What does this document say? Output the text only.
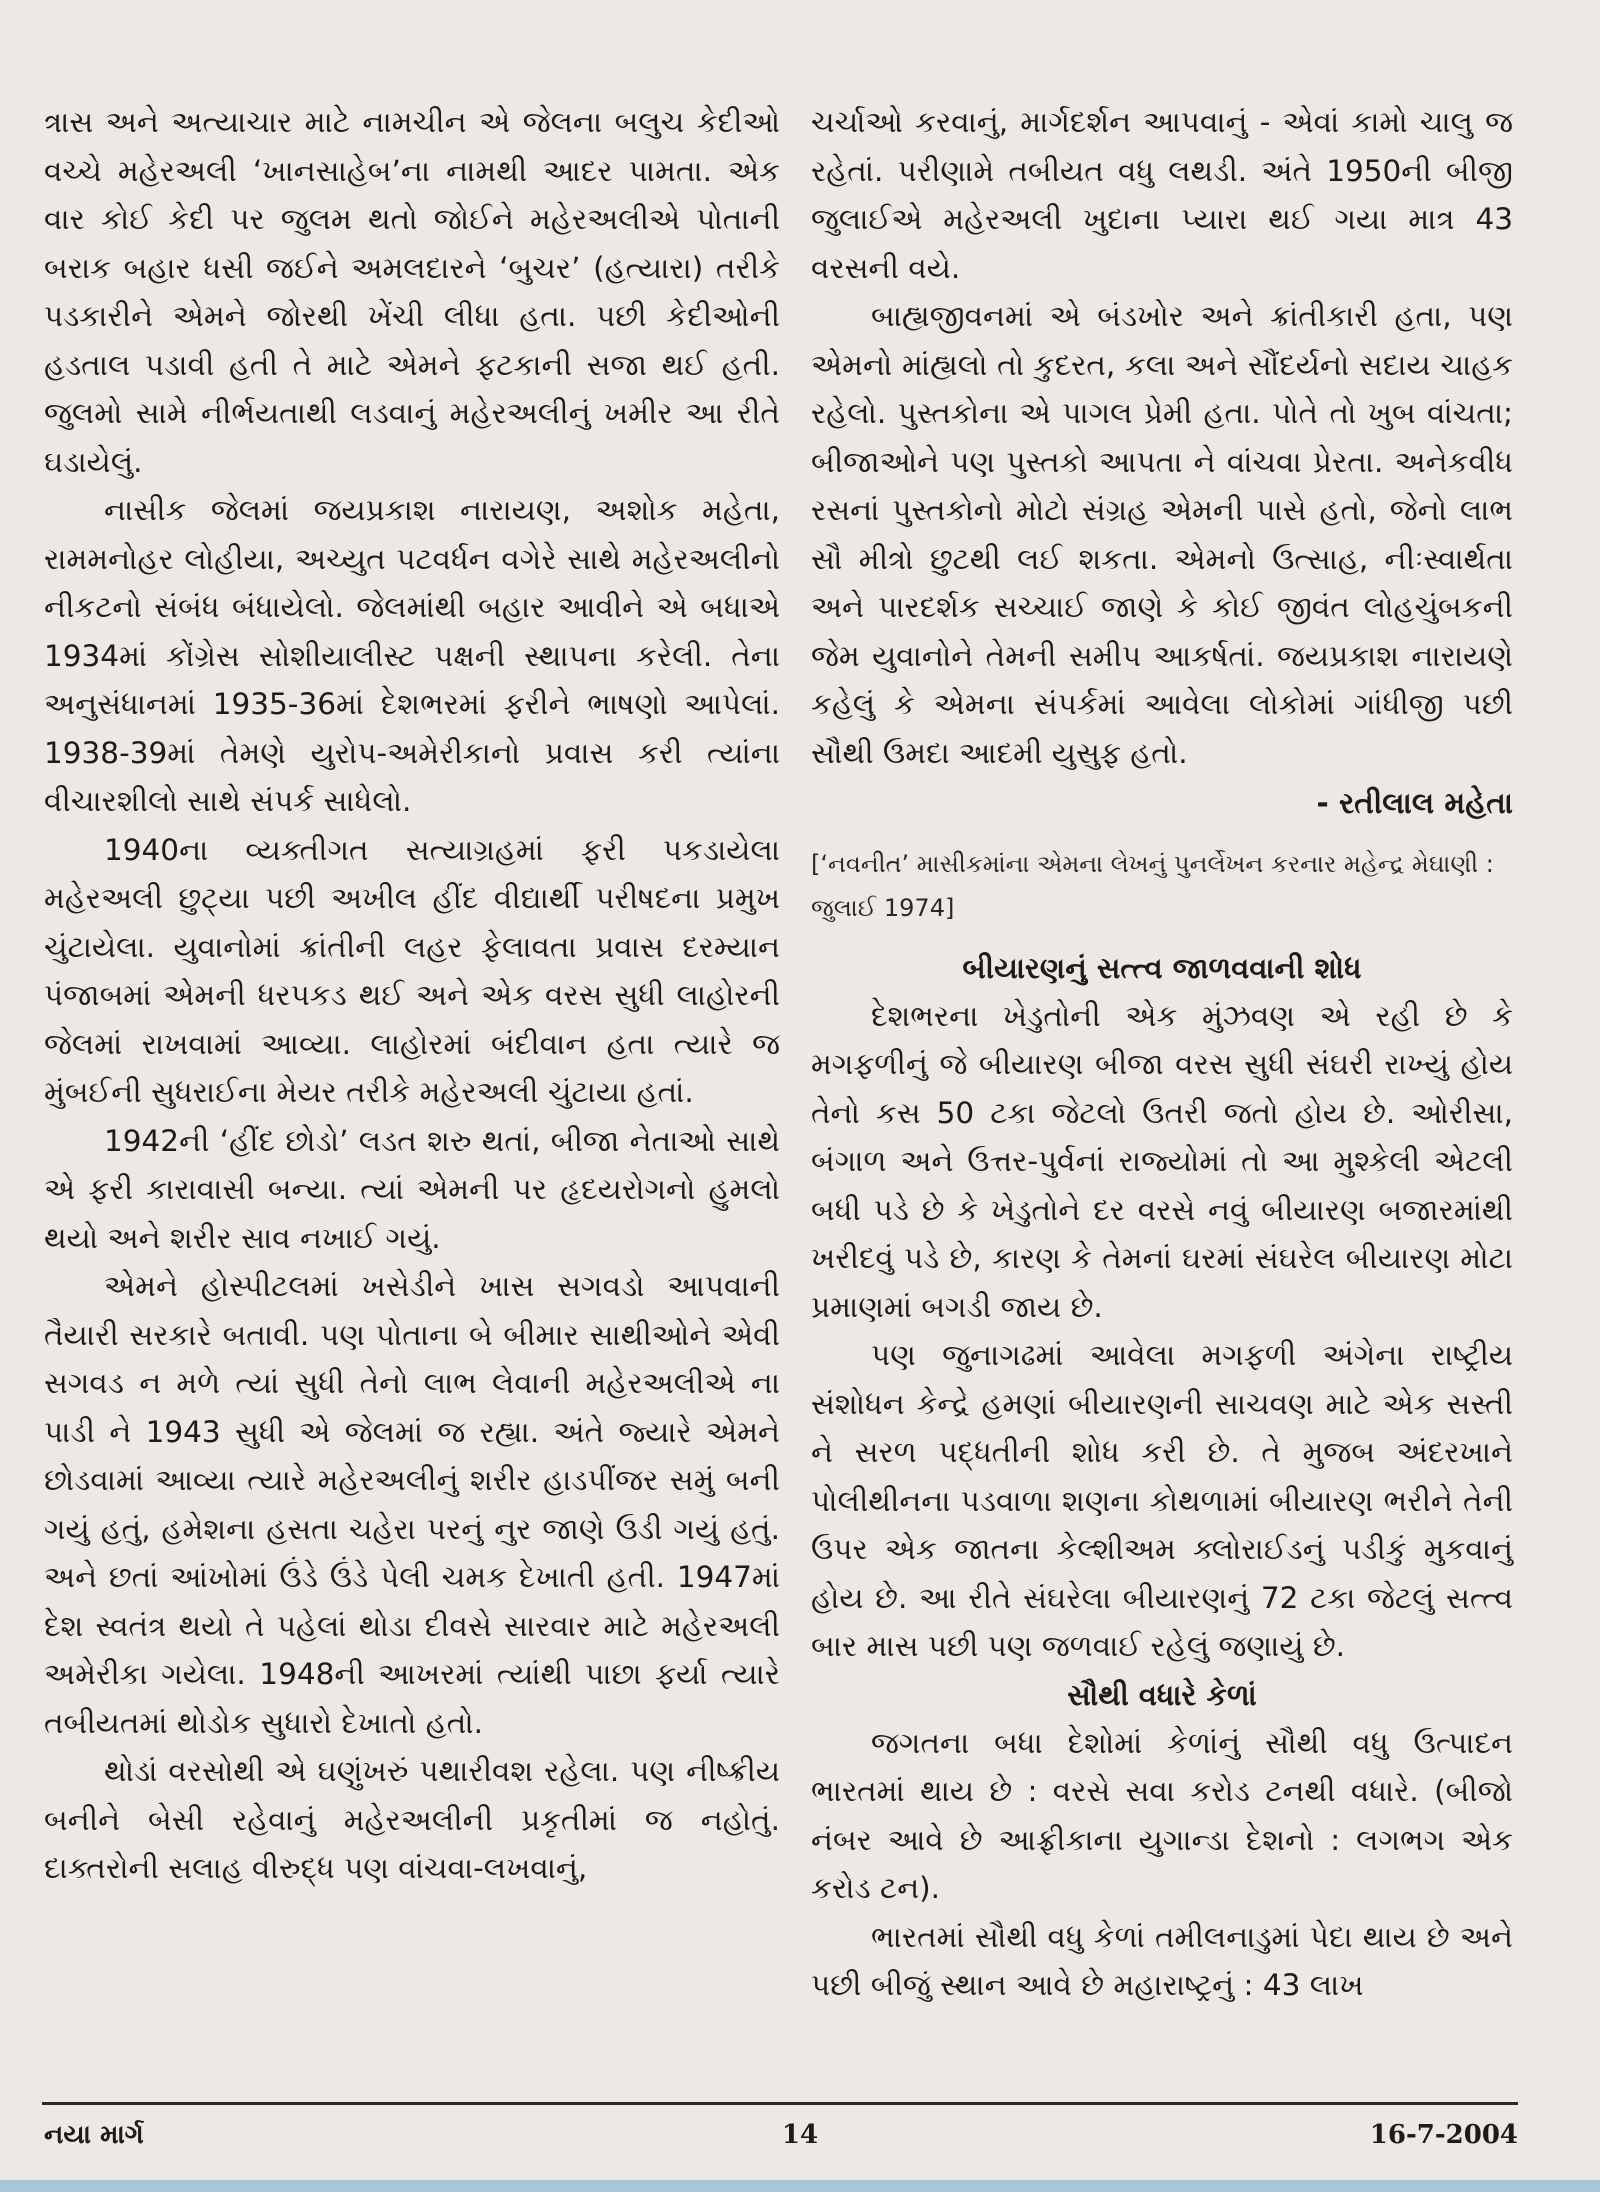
ત્રાસ અને અત્યાચાર માટે નામચીન એ જેલના બલુચ કેદીઓ વચ્ચે મહેરઅલી ‘ખાનસાહેબ’ના નામથી આદર પામતા. એક વાર કોઈ કેદી પર જુલમ થતો જોઈને મહેરઅલીએ પોતાની બરાક બહાર ધસી જઈને અમલદારને ‘બુચર’ (હત્યારા) તરીકે પડકારીને એમને જોરથી ખેંચી લીધા હતા. પછી કેદીઓની હડતાલ પડાવી હતી તે માટે એમને ફટકાની સજા થઈ હતી. જુલમો સામે નીર્ભયતાથી લડવાનું મહેરઅલીનું ખમીર આ રીતે ઘડાયેલું.

નાસીક જેલમાં જયપ્રકાશ નારાયણ, અશોક મહેતા, રામમનોહર લોહીયા, અચ્યુત પટવર્ધન વગેરે સાથે મહેરઅલીનો નીકટનો સંબંધ બંધાયેલો. જેલમાંથી બહાર આવીને એ બધાએ 1934માં કોંગ્રેસ સોશીયાલીસ્ટ પક્ષની સ્થાપના કરેલી. તેના અનુસંધાનમાં 1935-36માં દેશભરમાં ફરીને ભાષણો આપેલાં. 1938-39માં તેમણે યુરોપ-અમેરીકાનો પ્રવાસ કરી ત્યાંના વીચારશીલો સાથે સંપર્ક સાધેલો.

1940ના વ્યક્તીગત સત્યાગ્રહમાં ફરી પકડાયેલા મહેરઅલી છુટ્યા પછી અખીલ હીંદ વીદ્યાર્થી પરીષદના પ્રમુખ ચુંટાયેલા. યુવાનોમાં ક્રાંતીની લહર ફેલાવતા પ્રવાસ દરમ્યાન પંજાબમાં એમની ધરપકડ થઈ અને એક વરસ સુધી લાહોરની જેલમાં રાખવામાં આવ્યા. લાહોરમાં બંદીવાન હતા ત્યારે જ મુંબઈની સુધરાઈના મેયર તરીકે મહેરઅલી ચુંટાયા હતાં.

1942ની ‘હીંદ છોડો’ લડત શરુ થતાં, બીજા નેતાઓ સાથે એ ફરી કારાવાસી બન્યા. ત્યાં એમની પર હૃદયરોગનો હુમલો થયો અને શરીર સાવ નખાઈ ગયું.

એમને હોસ્પીટલમાં ખસેડીને ખાસ સગવડો આપવાની તૈયારી સરકારે બતાવી. પણ પોતાના બે બીમાર સાથીઓને એવી સગવડ ન મળે ત્યાં સુધી તેનો લાભ લેવાની મહેરઅલીએ ના પાડી ને 1943 સુધી એ જેલમાં જ રહ્યા. અંતે જ્યારે એમને છોડવામાં આવ્યા ત્યારે મહેરઅલીનું શરીર હાડપીંજર સમું બની ગયું હતું, હમેશના હસતા ચહેરા પરનું નુર જાણે ઉડી ગયું હતું. અને છતાં આંખોમાં ઉંડે ઉંડે પેલી ચમક દેખાતી હતી. 1947માં દેશ સ્વતંત્ર થયો તે પહેલાં થોડા દીવસે સારવાર માટે મહેરઅલી અમેરીકા ગયેલા. 1948ની આખરમાં ત્યાંથી પાછા ફર્યા ત્યારે તબીયતમાં થોડોક સુધારો દેખાતો હતો.

થોડાં વરસોથી એ ઘણુંખરું પથારીવશ રહેલા. પણ નીષ્ક્રીય બનીને બેસી રહેવાનું મહેરઅલીની પ્રકૃતીમાં જ નહોતું. દાક્તરોની સલાહ વીરુદ્ધ પણ વાંચવા-લખવાનું,

ચર્ચાઓ કરવાનું, માર્ગદર્શન આપવાનું - એવાં કામો ચાલુ જ રહેતાં. પરીણામે તબીયત વધુ લથડી. અંતે 1950ની બીજી જુલાઈએ મહેરઅલી ખુદાના પ્યારા થઈ ગયા માત્ર 43 વરસની વયે.

બાહ્યજીવનમાં એ બંડખોર અને ક્રાંતીકારી હતા, પણ એમનો માંહ્યલો તો કુદરત, કલા અને સૌંદર્યનો સદાય ચાહક રહેલો. પુસ્તકોના એ પાગલ પ્રેમી હતા. પોતે તો ખુબ વાંચતા; બીજાઓને પણ પુસ્તકો આપતા ને વાંચવા પ્રેરતા. અનેકવીધ રસનાં પુસ્તકોનો મોટો સંગ્રહ એમની પાસે હતો, જેનો લાભ સૌ મીત્રો છુટથી લઈ શકતા. એમનો ઉત્સાહ, નીઃસ્વાર્થતા અને પારદર્શક સચ્ચાઈ જાણે કે કોઈ જીવંત લોહચુંબકની જેમ યુવાનોને તેમની સમીપ આકર્ષતાં. જયપ્રકાશ નારાયણે કહેલું કે એમના સંપર્કમાં આવેલા લોકોમાં ગાંધીજી પછી સૌથી ઉમદા આદમી યુસુફ હતો.

- રતીલાલ મહેતા

[‘નવનીત’ માસીકમાંના એમના લેખનું પુનર્લેખન કરનાર મહેન્દ્ર મેઘાણી : જુલાઈ 1974]

બીયારણનું સત્ત્વ જાળવવાની શોધ

દેશભરના ખેડુતોની એક મુંઝવણ એ રહી છે કે મગફળીનું જે બીયારણ બીજા વરસ સુધી સંઘરી રાખ્યું હોય તેનો કસ 50 ટકા જેટલો ઉતરી જતો હોય છે. ઓરીસા, બંગાળ અને ઉત્તર-પુર્વનાં રાજ્યોમાં તો આ મુશ્કેલી એટલી બધી પડે છે કે ખેડુતોને દર વરસે નવું બીયારણ બજારમાંથી ખરીદવું પડે છે, કારણ કે તેમનાં ઘરમાં સંઘરેલ બીયારણ મોટા પ્રમાણમાં બગડી જાય છે.

પણ જુનાગઢમાં આવેલા મગફળી અંગેના રાષ્ટ્રીય સંશોધન કેન્દ્રે હમણાં બીયારણની સાચવણ માટે એક સસ્તી ને સરળ પદ્ધતીની શોધ કરી છે. તે મુજબ અંદરખાને પોલીથીનના પડવાળા શણના કોથળામાં બીયારણ ભરીને તેની ઉપર એક જાતના કેલ્શીઅમ ક્લોરાઈડનું પડીકું મુકવાનું હોય છે. આ રીતે સંઘરેલા બીયારણનું 72 ટકા જેટલું સત્ત્વ બાર માસ પછી પણ જળવાઈ રહેલું જણાયું છે.

સૌથી વધારે કેળાં

જગતના બધા દેશોમાં કેળાંનું સૌથી વધુ ઉત્પાદન ભારતમાં થાય છે : વરસે સવા કરોડ ટનથી વધારે. (બીજો નંબર આવે છે આફ્રીકાના યુગાન્ડા દેશનો : લગભગ એક કરોડ ટન).

ભારતમાં સૌથી વધુ કેળાં તમીલનાડુમાં પેદા થાય છે અને પછી બીજું સ્થાન આવે છે મહારાષ્ટ્રનું : 43 લાખ

નયા માર્ગ	14	16-7-2004
